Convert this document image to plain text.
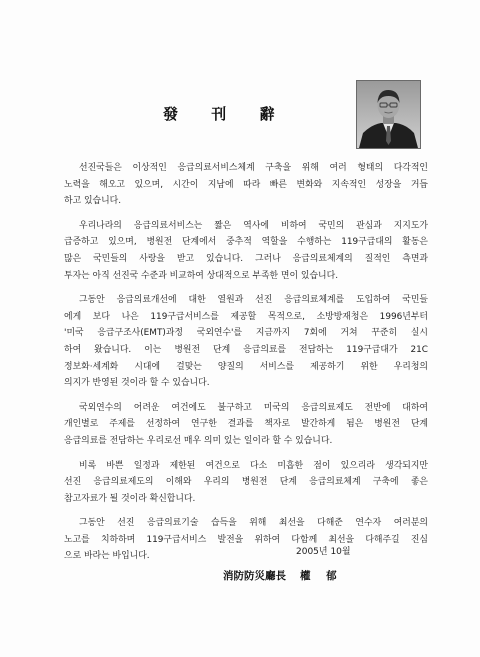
發 刊 辭
선진국들은 이상적인 응급의료서비스체계 구축을 위해 여러 형태의 다각적인
노력을 해오고 있으며, 시간이 지남에 따라 빠른 변화와 지속적인 성장을 거듭
하고 있습니다.
우리나라의 응급의료서비스는 짧은 역사에 비하여 국민의 관심과 지지도가
급증하고 있으며, 병원전 단계에서 중추적 역할을 수행하는 119구급대의 활동은
많은 국민들의 사랑을 받고 있습니다. 그러나 응급의료체계의 질적인 측면과
투자는 아직 선진국 수준과 비교하여 상대적으로 부족한 면이 있습니다.
그동안 응급의료개선에 대한 열원과 선진 응급의료체계를 도입하여 국민들
에게 보다 나은 119구급서비스를 제공할 목적으로, 소방방재청은 1996년부터
'미국 응급구조사(EMT)과정 국외연수'를 지금까지 7회에 거쳐 꾸준히 실시
하여 왔습니다. 이는 병원전 단계 응급의료를 전담하는 119구급대가 21C
정보화·세계화 시대에 걸맞는 양질의 서비스를 제공하기 위한 우리청의
의지가 반영된 것이라 할 수 있습니다.
국외연수의 어려운 여건에도 불구하고 미국의 응급의료제도 전반에 대하여
개인별로 주제를 선정하여 연구한 결과를 책자로 발간하게 됨은 병원전 단계
응급의료를 전담하는 우리로선 매우 의미 있는 일이라 할 수 있습니다.
비록 바쁜 일정과 제한된 여건으로 다소 미흡한 점이 있으리라 생각되지만
선진 응급의료제도의 이해와 우리의 병원전 단계 응급의료체계 구축에 좋은
참고자료가 될 것이라 확신합니다.
그동안 선진 응급의료기술 습득을 위해 최선을 다해준 연수자 여러분의
노고를 치하하며 119구급서비스 발전을 위하여 다함께 최선을 다해주길 진심
으로 바라는 바입니다.	2005년 10월
消防防災廳長 權 郁
